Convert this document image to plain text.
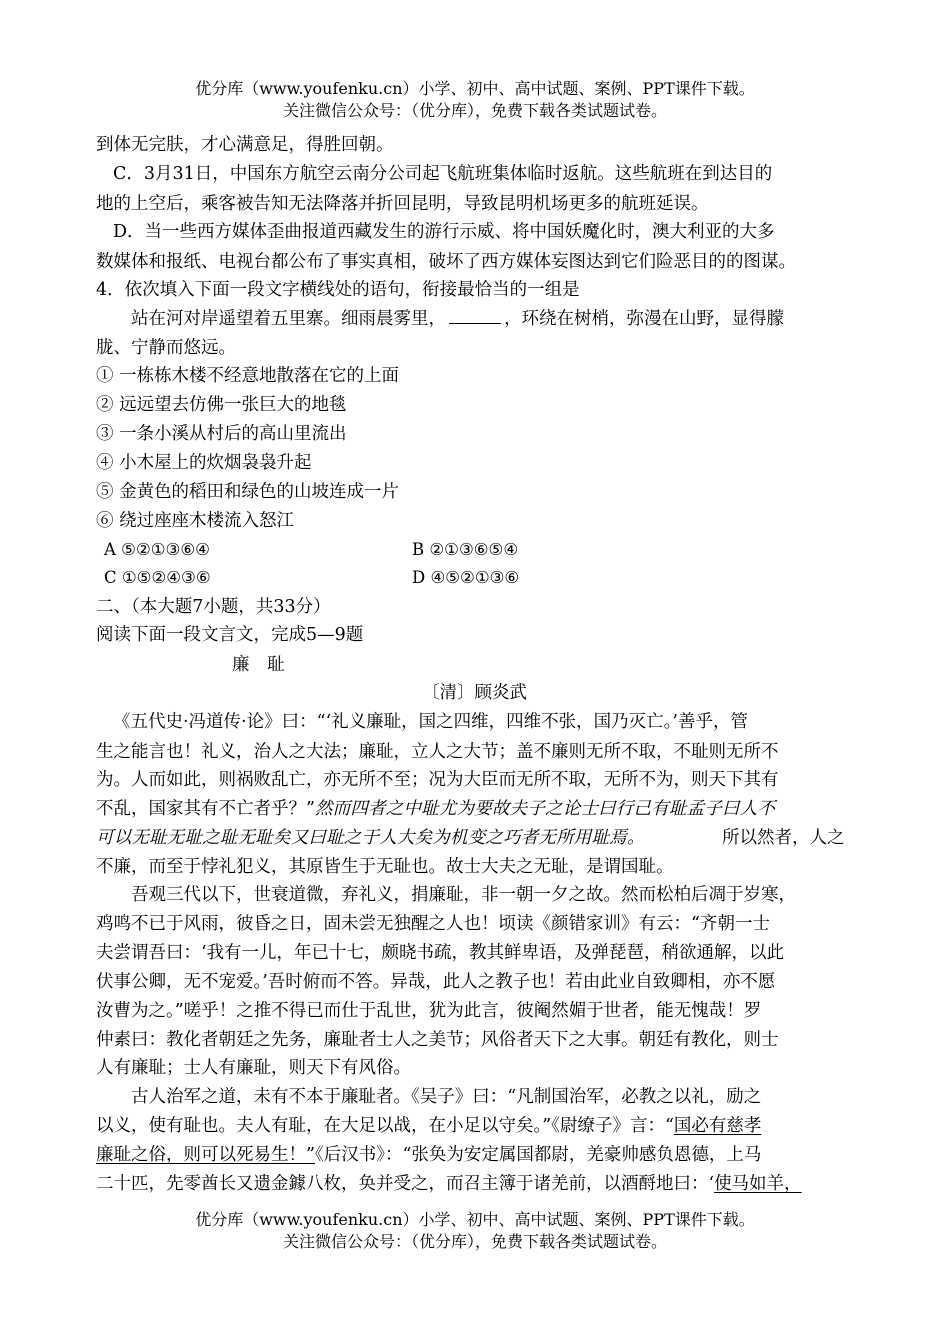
优分库（www.youfenku.cn）小学、初中、高中试题、案例、PPT课件下载。
关注微信公众号：（优分库），免费下载各类试题试卷。
到体无完肤，才心满意足，得胜回朝。
C．3月31日，中国东方航空云南分公司起飞航班集体临时返航。这些航班在到达目的
地的上空后，乘客被告知无法降落并折回昆明，导致昆明机场更多的航班延误。
D．当一些西方媒体歪曲报道西藏发生的游行示威、将中国妖魔化时，澳大利亚的大多
数媒体和报纸、电视台都公布了事实真相，破坏了西方媒体妄图达到它们险恶目的的图谋。
4．依次填入下面一段文字横线处的语句，衔接最恰当的一组是
站在河对岸遥望着五里寨。细雨晨雾里，	，环绕在树梢，弥漫在山野，显得朦
胧、宁静而悠远。
① 一栋栋木楼不经意地散落在它的上面
② 远远望去仿佛一张巨大的地毯
③ 一条小溪从村后的高山里流出
④ 小木屋上的炊烟袅袅升起
⑤ 金黄色的稻田和绿色的山坡连成一片
⑥ 绕过座座木楼流入怒江
A ⑤②①③⑥④	B ②①③⑥⑤④
C ①⑤②④③⑥	D ④⑤②①③⑥
二、（本大题7小题，共33分）
阅读下面一段文言文，完成5—9题
廉　耻
〔清〕顾炎武
《五代史·冯道传·论》曰：“‘礼义廉耻，国之四维，四维不张，国乃灭亡。’善乎，管
生之能言也！礼义，治人之大法；廉耻，立人之大节；盖不廉则无所不取，不耻则无所不
为。人而如此，则祸败乱亡，亦无所不至；况为大臣而无所不取，无所不为，则天下其有
不乱，国家其有不亡者乎？”然而四者之中耻尤为要故夫子之论士曰行己有耻孟子曰人不
可以无耻无耻之耻无耻矣又曰耻之于人大矣为机变之巧者无所用耻焉。	所以然者，人之
不廉，而至于悖礼犯义，其原皆生于无耻也。故士大夫之无耻，是谓国耻。
吾观三代以下，世衰道微，弃礼义，捐廉耻，非一朝一夕之故。然而松柏后凋于岁寒，
鸡鸣不已于风雨，彼昏之日，固未尝无独醒之人也！顷读《颜错家训》有云：“齐朝一士
夫尝谓吾曰：‘我有一儿，年已十七，颇晓书疏，教其鲜卑语，及弹琵琶，稍欲通解，以此
伏事公卿，无不宠爱。’吾时俯而不答。异哉，此人之教子也！若由此业自致卿相，亦不愿
汝曹为之。”嗟乎！之推不得已而仕于乱世，犹为此言，彼阉然媚于世者，能无愧哉！罗
仲素曰：教化者朝廷之先务，廉耻者士人之美节；风俗者天下之大事。朝廷有教化，则士
人有廉耻；士人有廉耻，则天下有风俗。
古人治军之道，未有不本于廉耻者。《吴子》曰：“凡制国治军，必教之以礼，励之
以义，使有耻也。夫人有耻，在大足以战，在小足以守矣。”《尉缭子》言：“国必有慈孝
廉耻之俗，则可以死易生！”《后汉书》：“张奂为安定属国都尉，羌豪帅感负恩德，上马
二十匹，先零酋长又遗金鐻八枚，奂并受之，而召主簿于诸羌前，以酒酹地曰：‘使马如羊，
优分库（www.youfenku.cn）小学、初中、高中试题、案例、PPT课件下载。
关注微信公众号：（优分库），免费下载各类试题试卷。
